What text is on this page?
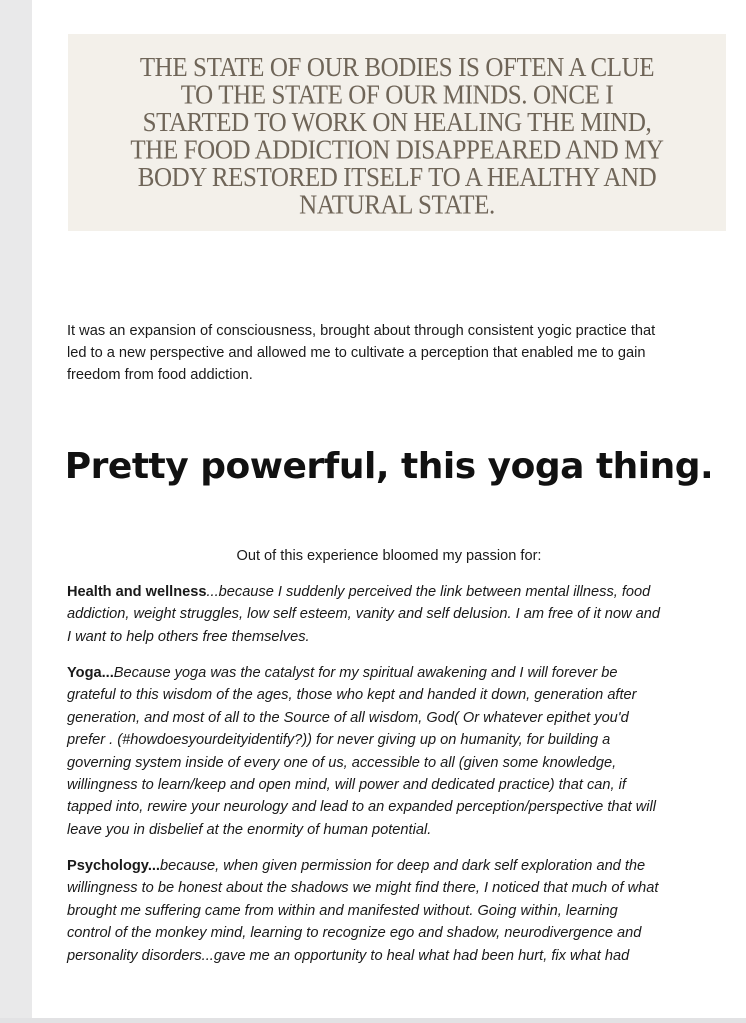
THE STATE OF OUR BODIES IS OFTEN A CLUE
TO THE STATE OF OUR MINDS. ONCE I
STARTED TO WORK ON HEALING THE MIND,
THE FOOD ADDICTION DISAPPEARED AND MY
BODY RESTORED ITSELF TO A HEALTHY AND
NATURAL STATE.

It was an expansion of consciousness, brought about through consistent yogic practice that
led to a new perspective and allowed me to cultivate a perception that enabled me to gain
freedom from food addiction.

Pretty powerful, this yoga thing.

Out of this experience bloomed my passion for:

Health and wellness...because I suddenly perceived the link between mental illness, food
addiction, weight struggles, low self esteem, vanity and self delusion. I am free of it now and
I want to help others free themselves.

Yoga...Because yoga was the catalyst for my spiritual awakening and I will forever be
grateful to this wisdom of the ages, those who kept and handed it down, generation after
generation, and most of all to the Source of all wisdom, God( Or whatever epithet you'd
prefer . (#howdoesyourdeityidentify?)) for never giving up on humanity, for building a
governing system inside of every one of us, accessible to all (given some knowledge,
willingness to learn/keep and open mind, will power and dedicated practice) that can, if
tapped into, rewire your neurology and lead to an expanded perception/perspective that will
leave you in disbelief at the enormity of human potential.

Psychology...because, when given permission for deep and dark self exploration and the
willingness to be honest about the shadows we might find there, I noticed that much of what
brought me suffering came from within and manifested without. Going within, learning
control of the monkey mind, learning to recognize ego and shadow, neurodivergence and
personality disorders...gave me an opportunity to heal what had been hurt, fix what had
